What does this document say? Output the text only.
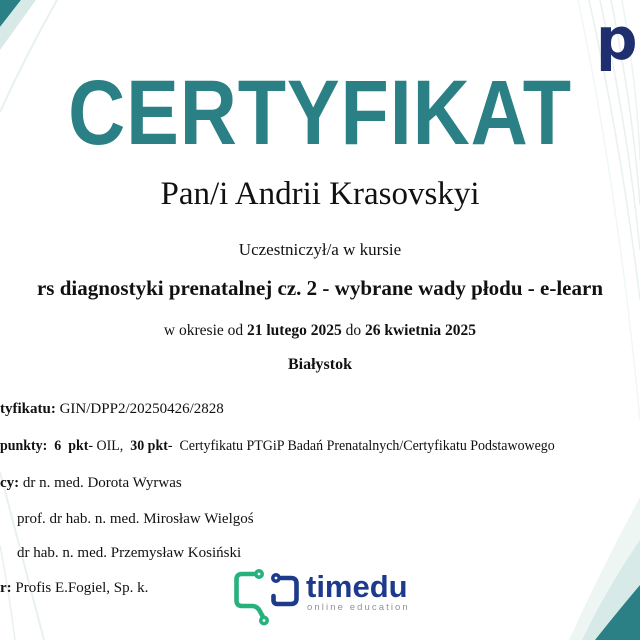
p
CERTYFIKAT
Pan/i Andrii Krasovskyi
Uczestniczył/a w kursie
rs diagnostyki prenatalnej cz. 2 - wybrane wady płodu - e-learn
w okresie od 21 lutego 2025 do 26 kwietnia 2025
Białystok
tyfikatu: GIN/DPP2/20250426/2828
punkty:  6  pkt- OIL,  30 pkt-  Certyfikatu PTGiP Badań Prenatalnych/Certyfikatu Podstawowego
cy: dr n. med. Dorota Wyrwas
prof. dr hab. n. med. Mirosław Wielgoś
dr hab. n. med. Przemysław Kosiński
r: Profis E.Fogiel, Sp. k.	timedu
online education
